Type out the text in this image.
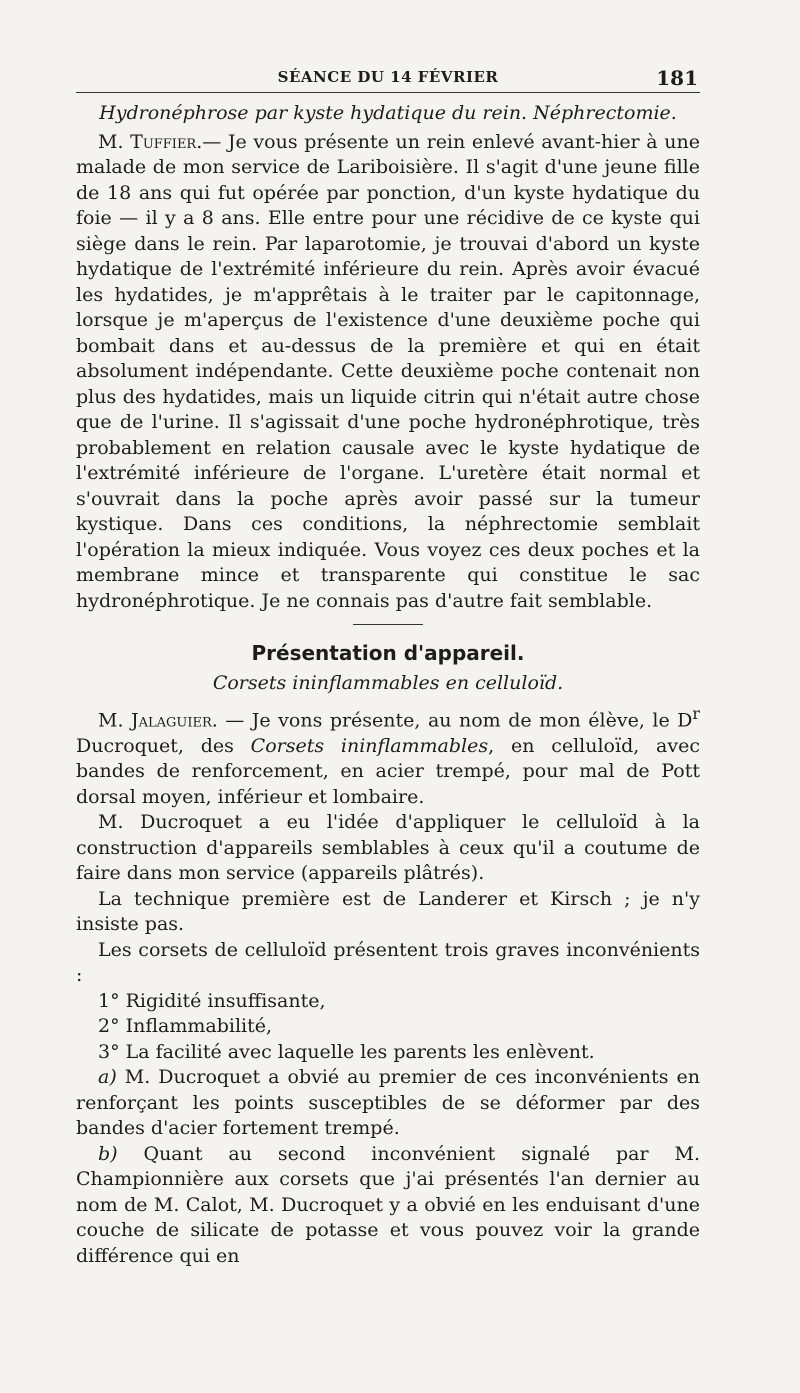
SÉANCE DU 14 FÉVRIER	181

Hydronéphrose par kyste hydatique du rein. Néphrectomie.

M. Tuffier.— Je vous présente un rein enlevé avant-hier à une malade de mon service de Lariboisière. Il s'agit d'une jeune fille de 18 ans qui fut opérée par ponction, d'un kyste hydatique du foie — il y a 8 ans. Elle entre pour une récidive de ce kyste qui siège dans le rein. Par laparotomie, je trouvai d'abord un kyste hydatique de l'extrémité inférieure du rein. Après avoir évacué les hydatides, je m'apprêtais à le traiter par le capitonnage, lorsque je m'aperçus de l'existence d'une deuxième poche qui bombait dans et au-dessus de la première et qui en était absolument indépendante. Cette deuxième poche contenait non plus des hydatides, mais un liquide citrin qui n'était autre chose que de l'urine. Il s'agissait d'une poche hydronéphrotique, très probablement en relation causale avec le kyste hydatique de l'extrémité inférieure de l'organe. L'uretère était normal et s'ouvrait dans la poche après avoir passé sur la tumeur kystique. Dans ces conditions, la néphrectomie semblait l'opération la mieux indiquée. Vous voyez ces deux poches et la membrane mince et transparente qui constitue le sac hydronéphrotique. Je ne connais pas d'autre fait semblable.

Présentation d'appareil.

Corsets ininflammables en celluloïd.

M. Jalaguier. — Je vons présente, au nom de mon élève, le $D^r$ Ducroquet, des Corsets ininflammables, en celluloïd, avec bandes de renforcement, en acier trempé, pour mal de Pott dorsal moyen, inférieur et lombaire.

M. Ducroquet a eu l'idée d'appliquer le celluloïd à la construction d'appareils semblables à ceux qu'il a coutume de faire dans mon service (appareils plâtrés).

La technique première est de Landerer et Kirsch ; je n'y insiste pas.

Les corsets de celluloïd présentent trois graves inconvénients :

1° Rigidité insuffisante,

2° Inflammabilité,

3° La facilité avec laquelle les parents les enlèvent.

a) M. Ducroquet a obvié au premier de ces inconvénients en renforçant les points susceptibles de se déformer par des bandes d'acier fortement trempé.

b) Quant au second inconvénient signalé par M. Championnière aux corsets que j'ai présentés l'an dernier au nom de M. Calot, M. Ducroquet y a obvié en les enduisant d'une couche de silicate de potasse et vous pouvez voir la grande différence qui en
